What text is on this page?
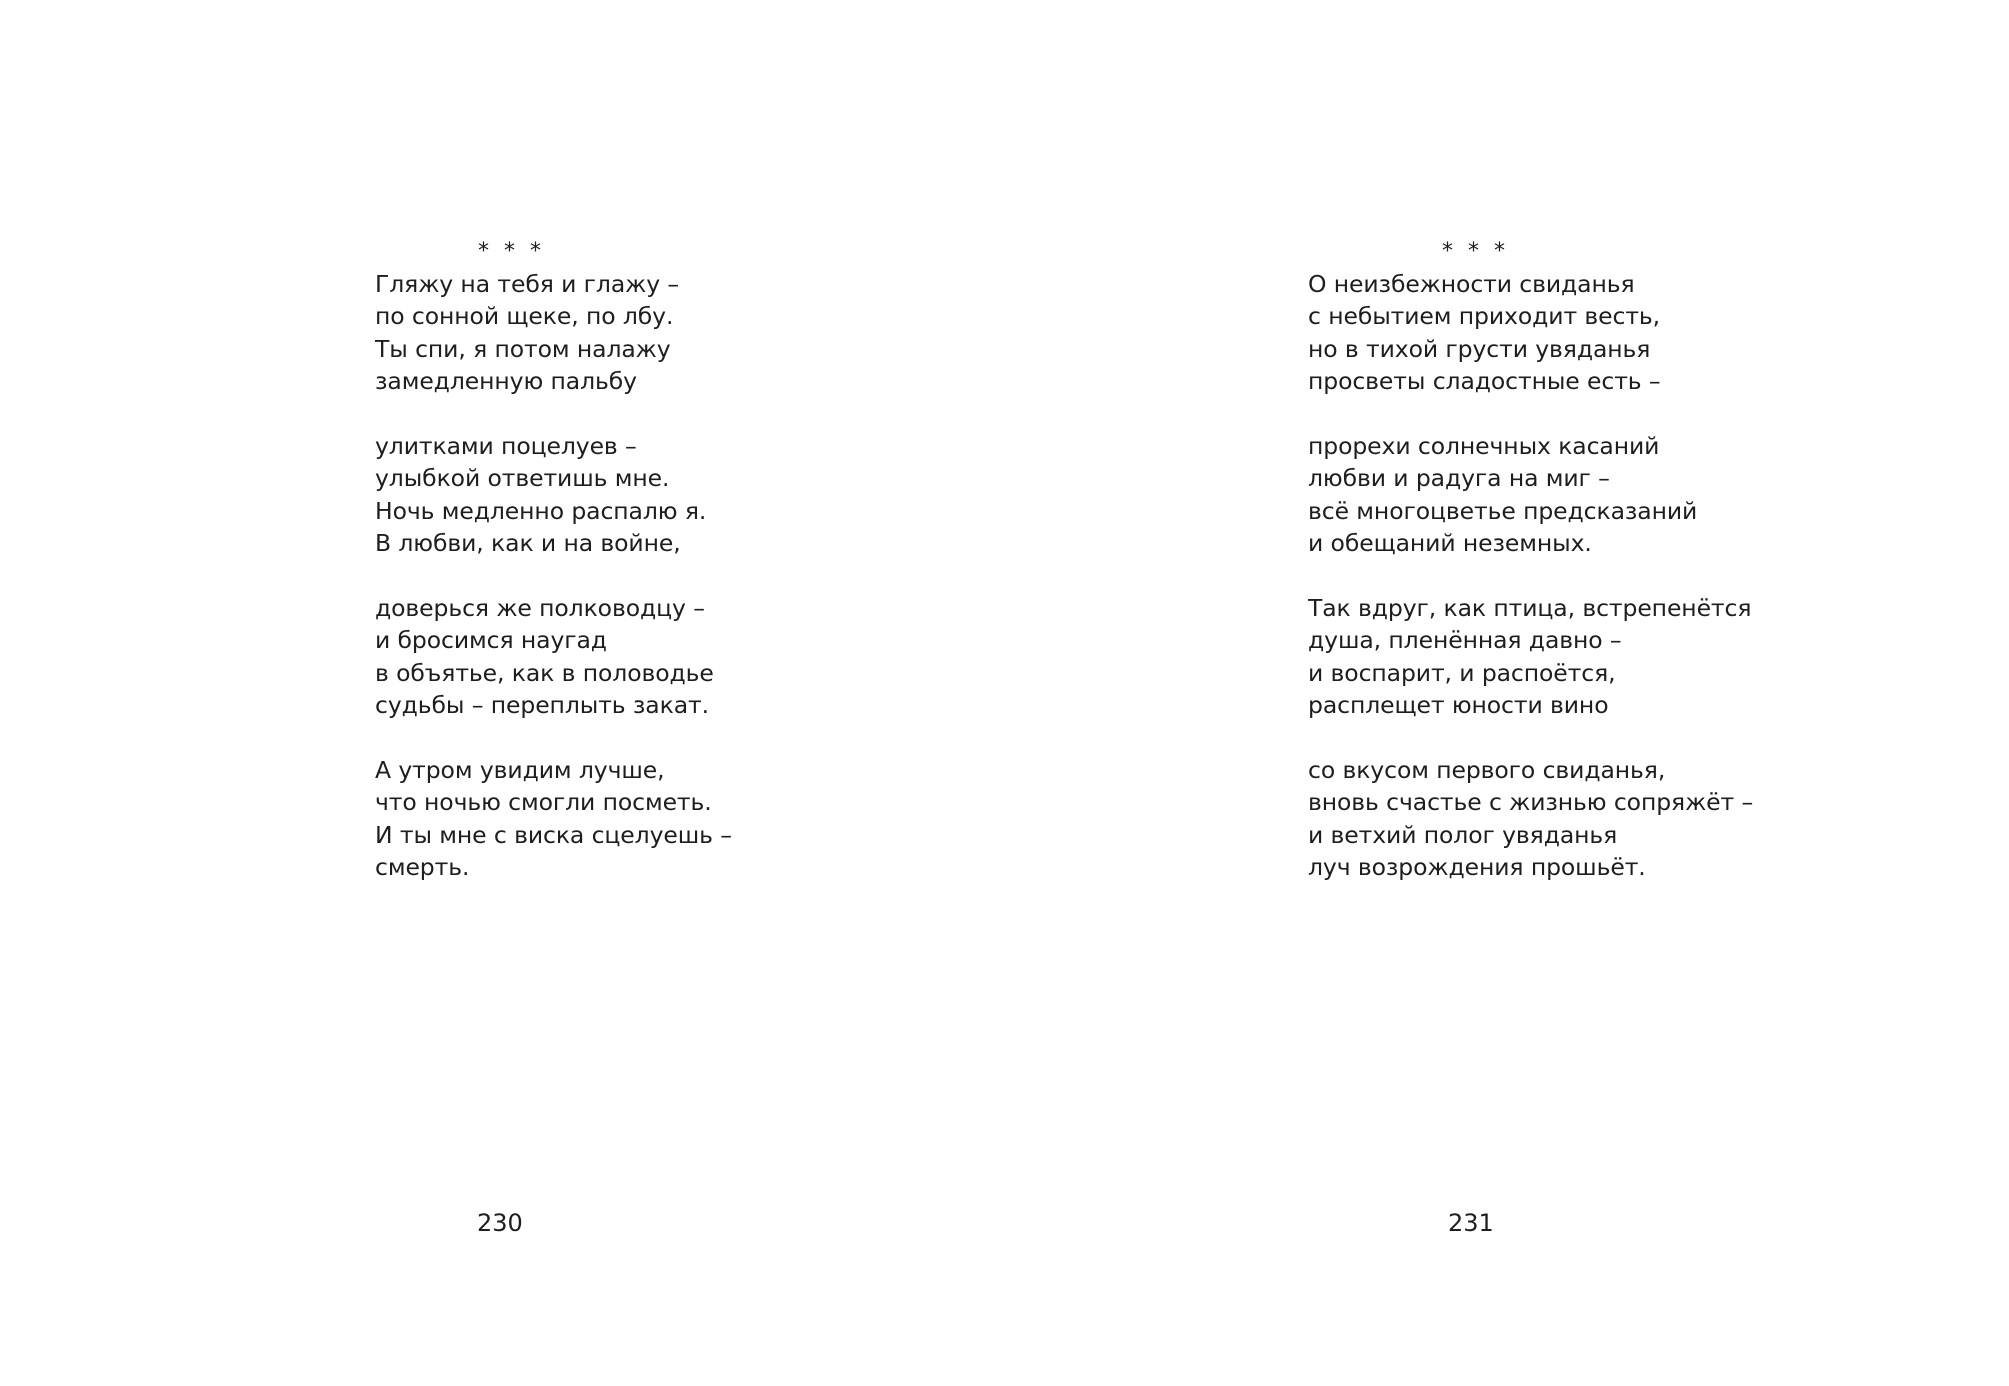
* * *
Гляжу на тебя и глажу –
по сонной щеке, по лбу.
Ты спи, я потом налажу
замедленную пальбу
улитками поцелуев –
улыбкой ответишь мне.
Ночь медленно распалю я.
В любви, как и на войне,
доверься же полководцу –
и бросимся наугад
в объятье, как в половодье
судьбы – переплыть закат.
А утром увидим лучше,
что ночью смогли посметь.
И ты мне с виска сцелуешь –
смерть.
230
* * *
О неизбежности свиданья
с небытием приходит весть,
но в тихой грусти увяданья
просветы сладостные есть –
прорехи солнечных касаний
любви и радуга на миг –
всё многоцветье предсказаний
и обещаний неземных.
Так вдруг, как птица, встрепенётся
душа, пленённая давно –
и воспарит, и распоётся,
расплещет юности вино
со вкусом первого свиданья,
вновь счастье с жизнью сопряжёт –
и ветхий полог увяданья
луч возрождения прошьёт.
231
